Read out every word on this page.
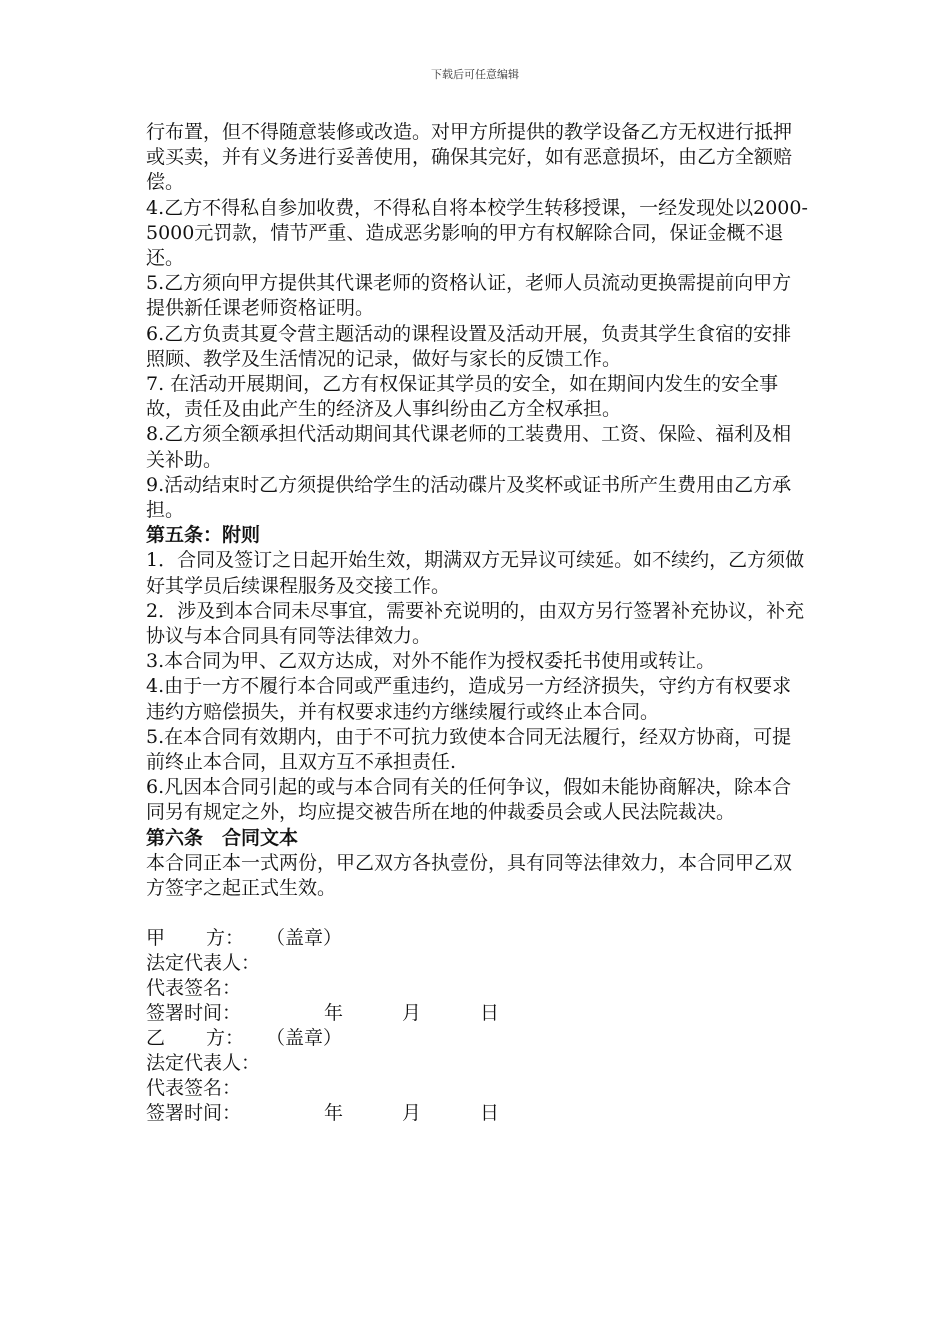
下载后可任意编辑

行布置，但不得随意装修或改造。对甲方所提供的教学设备乙方无权进行抵押或买卖，并有义务进行妥善使用，确保其完好，如有恶意损坏，由乙方全额赔偿。

4.乙方不得私自参加收费，不得私自将本校学生转移授课，一经发现处以2000-5000元罚款，情节严重、造成恶劣影响的甲方有权解除合同，保证金概不退还。

5.乙方须向甲方提供其代课老师的资格认证，老师人员流动更换需提前向甲方提供新任课老师资格证明。

6.乙方负责其夏令营主题活动的课程设置及活动开展，负责其学生食宿的安排照顾、教学及生活情况的记录，做好与家长的反馈工作。

7. 在活动开展期间，乙方有权保证其学员的安全，如在期间内发生的安全事故，责任及由此产生的经济及人事纠纷由乙方全权承担。

8.乙方须全额承担代活动期间其代课老师的工装费用、工资、保险、福利及相关补助。

9.活动结束时乙方须提供给学生的活动碟片及奖杯或证书所产生费用由乙方承担。

第五条：附则

1．合同及签订之日起开始生效，期满双方无异议可续延。如不续约，乙方须做好其学员后续课程服务及交接工作。

2．涉及到本合同未尽事宜，需要补充说明的，由双方另行签署补充协议，补充协议与本合同具有同等法律效力。

3.本合同为甲、乙双方达成，对外不能作为授权委托书使用或转让。

4.由于一方不履行本合同或严重违约，造成另一方经济损失，守约方有权要求违约方赔偿损失，并有权要求违约方继续履行或终止本合同。

5.在本合同有效期内，由于不可抗力致使本合同无法履行，经双方协商，可提前终止本合同，且双方互不承担责任.

6.凡因本合同引起的或与本合同有关的任何争议，假如未能协商解决，除本合同另有规定之外，均应提交被告所在地的仲裁委员会或人民法院裁决。

第六条　合同文本

本合同正本一式两份，甲乙双方各执壹份，具有同等法律效力，本合同甲乙双方签字之起正式生效。

甲	方：	（盖章）
法定代表人：
代表签名：
签署时间：	年	月	日
乙	方：	（盖章）
法定代表人：
代表签名：
签署时间：	年	月	日
